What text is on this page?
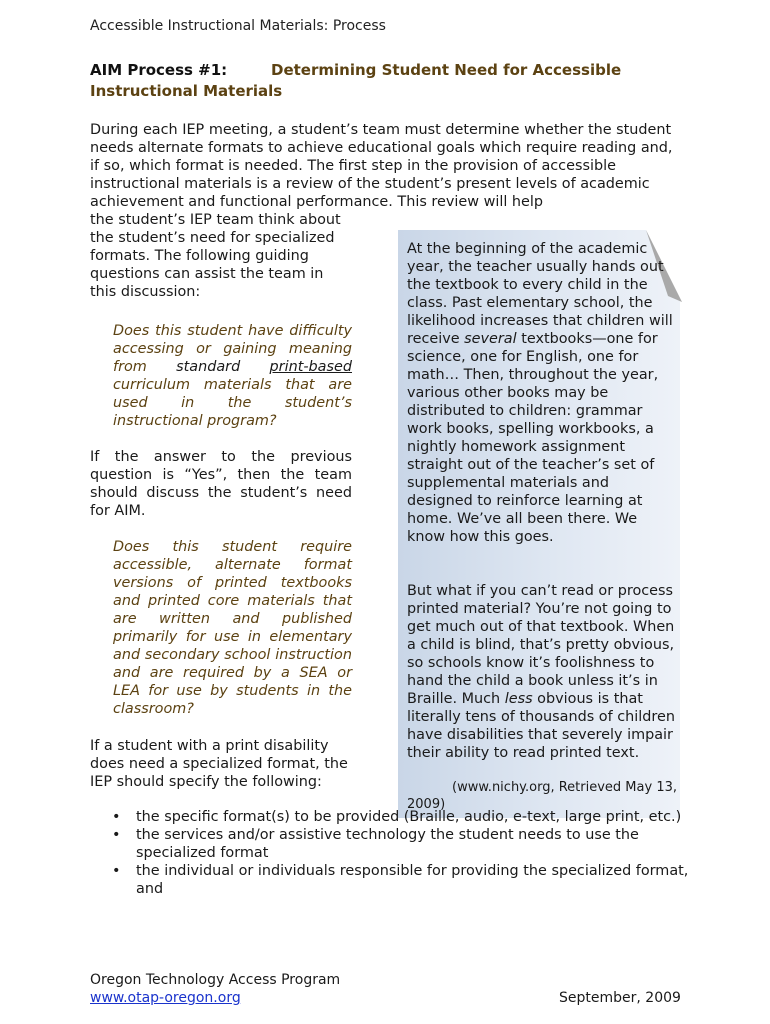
Accessible Instructional Materials: Process
AIM Process #1:	Determining Student Need for Accessible
Instructional Materials
During each IEP meeting, a student’s team must determine whether the student needs alternate formats to achieve educational goals which require reading and, if so, which format is needed. The first step in the provision of accessible instructional materials is a review of the student’s present levels of academic achievement and functional performance. This review will help
the student’s IEP team think about the student’s need for specialized formats. The following guiding questions can assist the team in this discussion:
Does this student have difficulty accessing or gaining meaning from standard print-based curriculum materials that are used in the student’s instructional program?
If the answer to the previous question is “Yes”, then the team should discuss the student’s need for AIM.
Does this student require accessible, alternate format versions of printed textbooks and printed core materials that are written and published primarily for use in elementary and secondary school instruction and are required by a SEA or LEA for use by students in the classroom?
If a student with a print disability does need a specialized format, the IEP should specify the following:
At the beginning of the academic year, the teacher usually hands out the textbook to every child in the class. Past elementary school, the likelihood increases that children will receive several textbooks—one for science, one for English, one for math… Then, throughout the year, various other books may be distributed to children: grammar work books, spelling workbooks, a nightly homework assignment straight out of the teacher’s set of supplemental materials and designed to reinforce learning at home. We’ve all been there. We know how this goes.
But what if you can’t read or process printed material? You’re not going to get much out of that textbook. When a child is blind, that’s pretty obvious, so schools know it’s foolishness to hand the child a book unless it’s in Braille. Much less obvious is that literally tens of thousands of children have disabilities that severely impair their ability to read printed text.
(www.nichy.org, Retrieved May 13,
2009)
• the specific format(s) to be provided (Braille, audio, e-text, large print, etc.)
• the services and/or assistive technology the student needs to use the specialized format
• the individual or individuals responsible for providing the specialized format, and
Oregon Technology Access Program
www.otap-oregon.org	September, 2009
